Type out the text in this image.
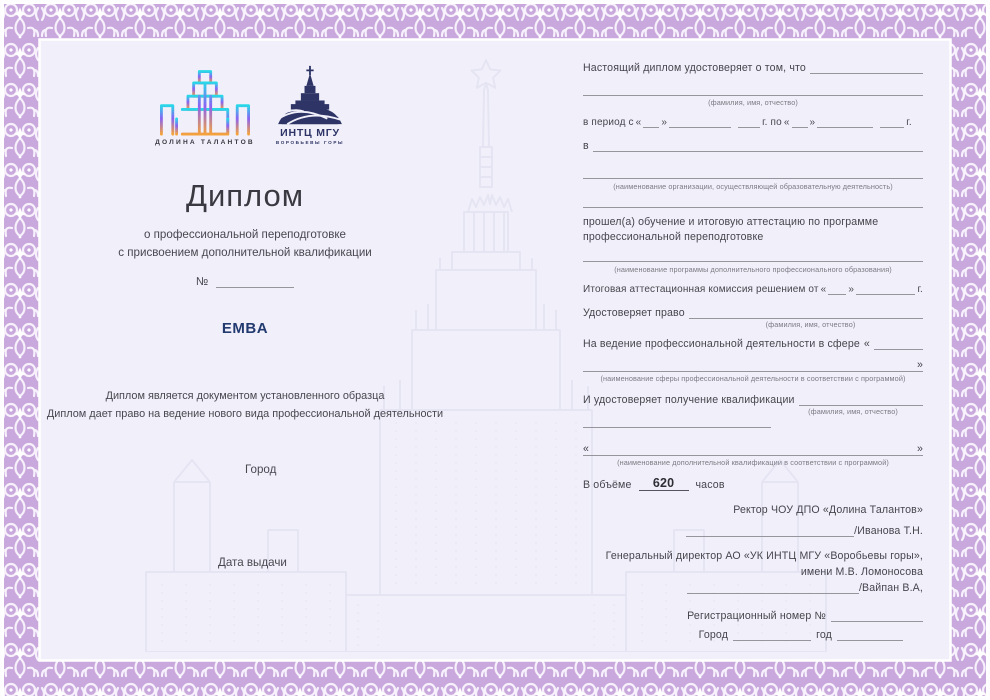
ДОЛИНА ТАЛАНТОВ
ИНТЦ МГУ
ВОРОБЬЕВЫ ГОРЫ
Диплом
о профессиональной переподготовке
с присвоением дополнительной квалификации
№
EMBA
Диплом является документом установленного образца
Диплом дает право на ведение нового вида профессиональной деятельности
Город
Дата выдачи
Настоящий диплом удостоверяет о том, что
(фамилия, имя, отчество)
в период с « »	г. по « »	г.
в
(наименование организации, осуществляющей образовательную деятельность)
прошел(а) обучение и итоговую аттестацию по программе
профессиональной переподготовке
(наименование программы дополнительного профессионального образования)
Итоговая аттестационная комиссия решением от « »	г.
Удостоверяет право
(фамилия, имя, отчество)
На ведение профессиональной деятельности в сфере «
»
(наименование сферы профессиональной деятельности в соответствии с программой)
И удостоверяет получение квалификации
(фамилия, имя, отчество)
«	»
(наименование дополнительной квалификации в соответствии с программой)
В объёме	620	часов
Ректор ЧОУ ДПО «Долина Талантов»
/Иванова Т.Н.
Генеральный директор АО «УК ИНТЦ МГУ «Воробьевы горы»,
имени М.В. Ломоносова
/Вайпан В.А,
Регистрационный номер №
Город	год
